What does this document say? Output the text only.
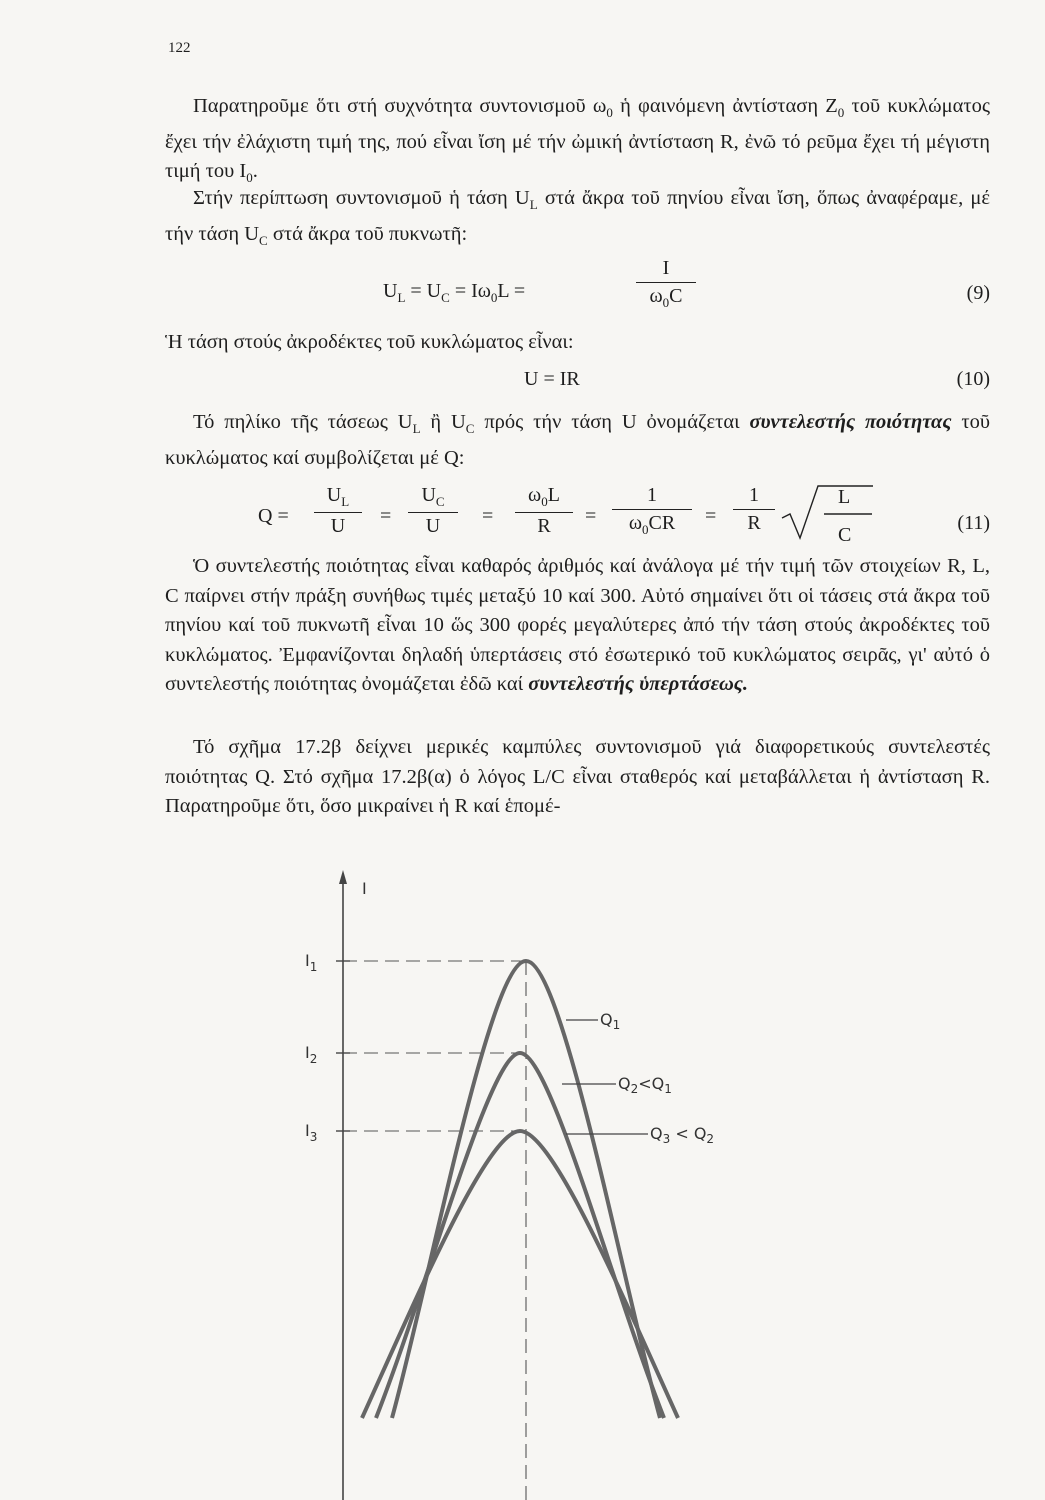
122

Παρατηροῦμε ὅτι στή συχνότητα συντονισμοῦ $\omega_0$ ἡ φαινόμενη ἀντίσταση $Z_0$ τοῦ κυκλώματος ἔχει τήν ἐλάχιστη τιμή της, πού εἶναι ἴση μέ τήν ὠμική ἀντίσταση R, ἐνῶ τό ρεῦμα ἔχει τή μέγιστη τιμή του $I_0$.

Στήν περίπτωση συντονισμοῦ ἡ τάση $U_L$ στά ἄκρα τοῦ πηνίου εἶναι ἴση, ὅπως ἀναφέραμε, μέ τήν τάση $U_C$ στά ἄκρα τοῦ πυκνωτῆ:

$U_L = U_C = I\omega_0L$ =
I
$\omega_0C$	(9)

Ἡ τάση στούς ἀκροδέκτες τοῦ κυκλώματος εἶναι:

U = IR	(10)

Τό πηλίκο τῆς τάσεως $U_L$ ἢ $U_C$ πρός τήν τάση U ὀνομάζεται συντελεστής ποιότητας τοῦ κυκλώματος καί συμβολίζεται μέ Q:

Q =
$U_L$
U	=
$U_C$
U	=
$\omega_0L$
R	=
1
$\omega_0CR$	=
1
R
L
C
(11)

Ὁ συντελεστής ποιότητας εἶναι καθαρός ἀριθμός καί ἀνάλογα μέ τήν τιμή τῶν στοιχείων R, L, C παίρνει στήν πράξη συνήθως τιμές μεταξύ 10 καί 300. Αὐτό σημαίνει ὅτι οἱ τάσεις στά ἄκρα τοῦ πηνίου καί τοῦ πυκνωτῆ εἶναι 10 ὥς 300 φορές μεγαλύτερες ἀπό τήν τάση στούς ἀκροδέκτες τοῦ κυκλώματος. Ἐμφανίζονται δηλαδή ὑπερτάσεις στό ἐσωτερικό τοῦ κυκλώματος σειρᾶς, γι' αὐτό ὁ συντελεστής ποιότητας ὀνομάζεται ἐδῶ καί συντελεστής ὑπερτάσεως.

Τό σχῆμα 17.2β δείχνει μερικές καμπύλες συντονισμοῦ γιά διαφορετικούς συντελεστές ποιότητας Q. Στό σχῆμα 17.2β(α) ὁ λόγος L/C εἶναι σταθερός καί μεταβάλλεται ἡ ἀντίσταση R. Παρατηροῦμε ὅτι, ὅσο μικραίνει ἡ R καί ἑπομέ-

I
$I_1$
$I_2$
$I_3$
$Q_1$
$Q_2<Q_1$
$Q_3 < Q_2$
